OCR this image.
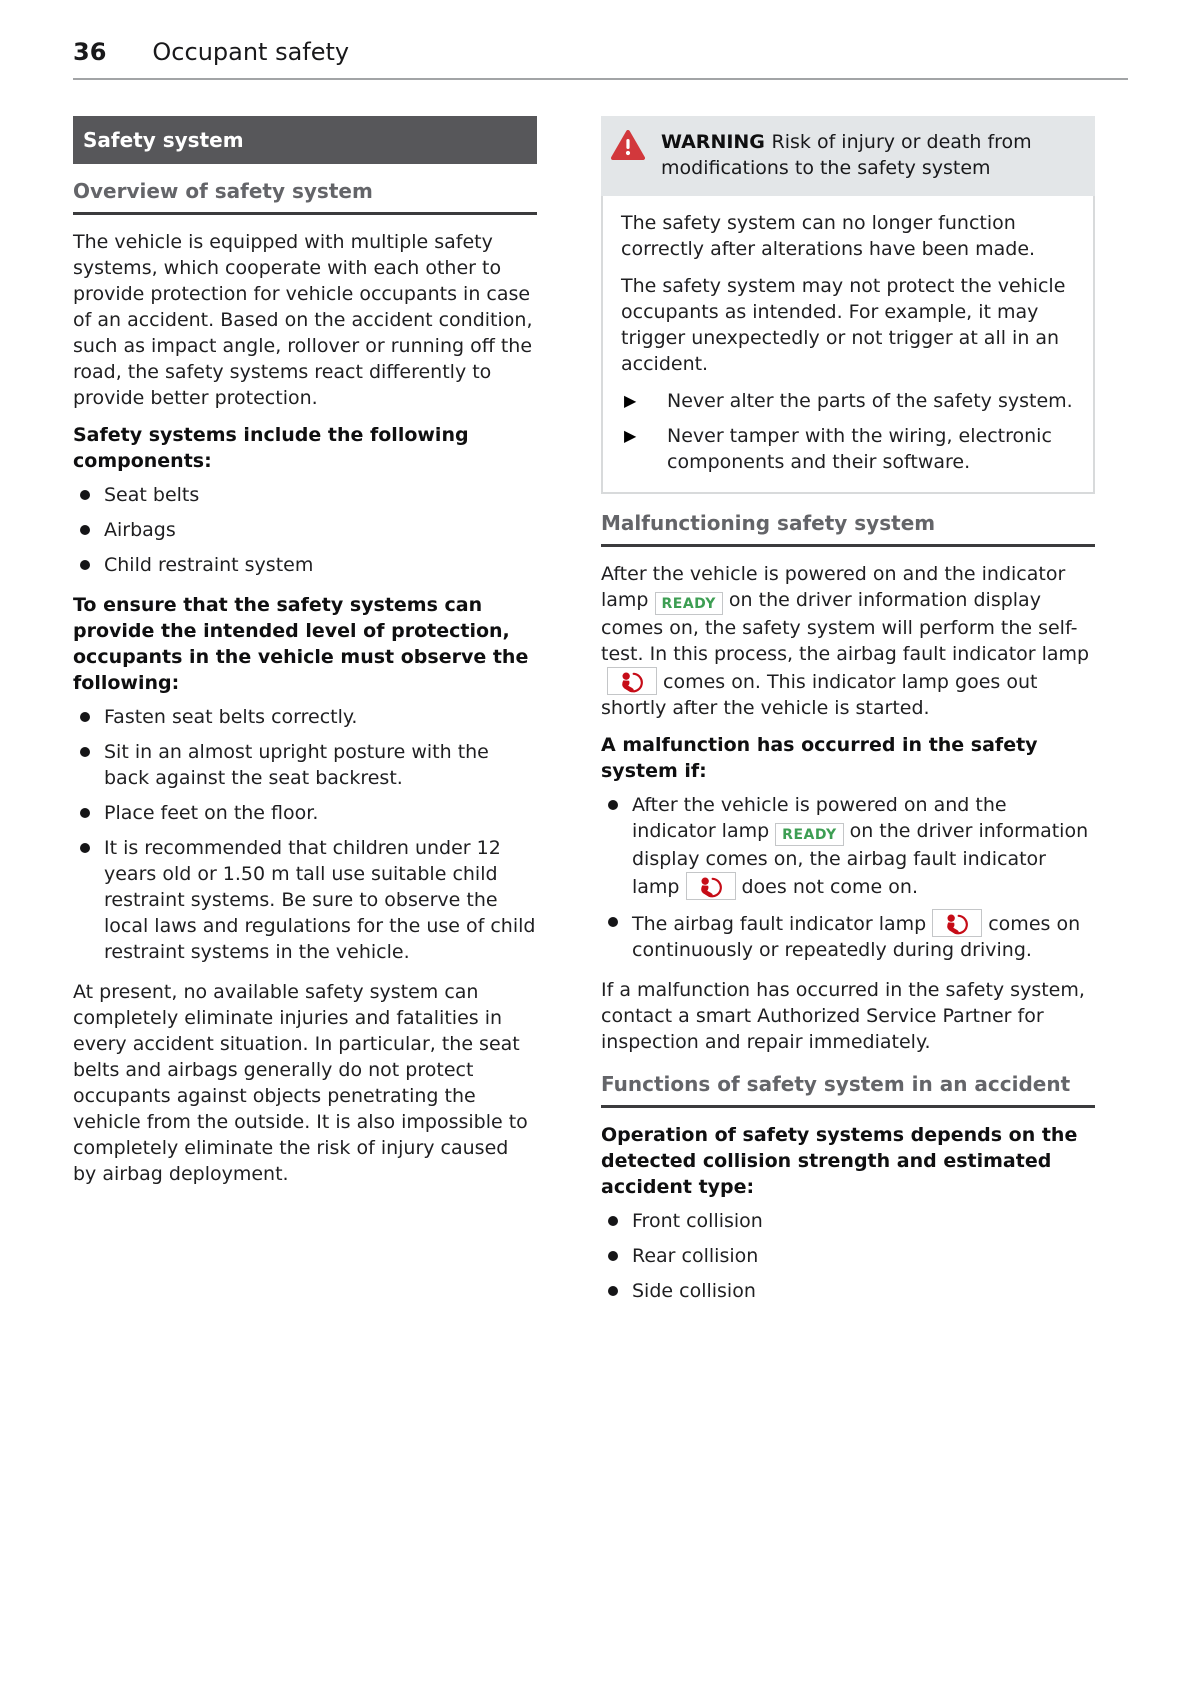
36 Occupant safety
Safety system
Overview of safety system

The vehicle is equipped with multiple safety systems, which cooperate with each other to provide protection for vehicle occupants in case of an accident. Based on the accident condition, such as impact angle, rollover or running off the road, the safety systems react differently to provide better protection.

Safety systems include the following components:

Seat belts
Airbags
Child restraint system

To ensure that the safety systems can provide the intended level of protection, occupants in the vehicle must observe the following:

Fasten seat belts correctly.
Sit in an almost upright posture with the back against the seat backrest.
Place feet on the floor.
It is recommended that children under 12 years old or 1.50 m tall use suitable child restraint systems. Be sure to observe the local laws and regulations for the use of child restraint systems in the vehicle.

At present, no available safety system can completely eliminate injuries and fatalities in every accident situation. In particular, the seat belts and airbags generally do not protect occupants against objects penetrating the vehicle from the outside. It is also impossible to completely eliminate the risk of injury caused by airbag deployment.

WARNING Risk of injury or death from modifications to the safety system

The safety system can no longer function correctly after alterations have been made.

The safety system may not protect the vehicle occupants as intended. For example, it may trigger unexpectedly or not trigger at all in an accident.

▶ Never alter the parts of the safety system.
▶ Never tamper with the wiring, electronic components and their software.
Malfunctioning safety system

After the vehicle is powered on and the indicator lamp READY on the driver information display comes on, the safety system will perform the self-test. In this process, the airbag fault indicator lampcomes on. This indicator lamp goes out shortly after the vehicle is started.

A malfunction has occurred in the safety system if:

After the vehicle is powered on and the indicator lamp READY on the driver information display comes on, the airbag fault indicator lamp	does not come on.
The airbag fault indicator lamp	comes on continuously or repeatedly during driving.

If a malfunction has occurred in the safety system, contact a smart Authorized Service Partner for inspection and repair immediately.

Functions of safety system in an accident

Operation of safety systems depends on the detected collision strength and estimated accident type:

Front collision
Rear collision
Side collision
